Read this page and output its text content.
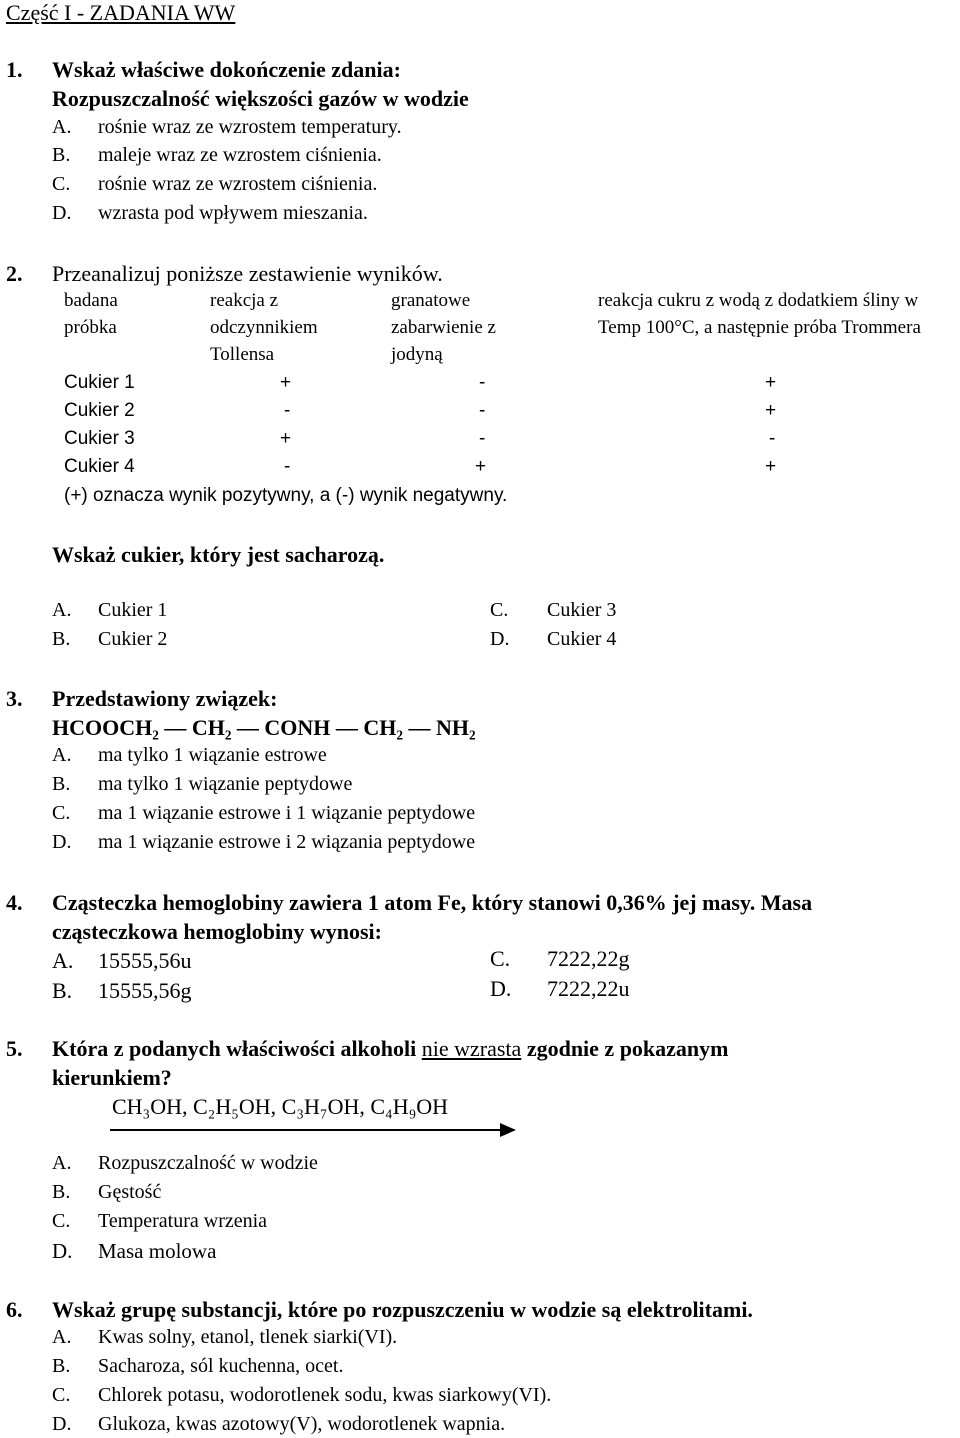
Część I - ZADANIA WW
1. Wskaż właściwe dokończenie zdania:
Rozpuszczalność większości gazów w wodzie
A. rośnie wraz ze wzrostem temperatury.
B. maleje wraz ze wzrostem ciśnienia.
C. rośnie wraz ze wzrostem ciśnienia.
D. wzrasta pod wpływem mieszania.
2. Przeanalizuj poniższe zestawienie wyników.
badana próbka
reakcja z odczynnikiem Tollensa
granatowe zabarwienie z jodyną
reakcja cukru z wodą z dodatkiem śliny w Temp 100°C, a następnie próba Trommera
Cukier 1	+	-	+
Cukier 2	-	-	+
Cukier 3	+	-	-
Cukier 4	-	+	+
(+) oznacza wynik pozytywny, a (-) wynik negatywny.
Wskaż cukier, który jest sacharozą.
A. Cukier 1
B. Cukier 2
C. Cukier 3
D. Cukier 4
3. Przedstawiony związek:
HCOOCH₂ — CH₂ — CONH — CH₂ — NH₂
A. ma tylko 1 wiązanie estrowe
B. ma tylko 1 wiązanie peptydowe
C. ma 1 wiązanie estrowe i 1 wiązanie peptydowe
D. ma 1 wiązanie estrowe i 2 wiązania peptydowe
4. Cząsteczka hemoglobiny zawiera 1 atom Fe, który stanowi 0,36% jej masy. Masa
cząsteczkowa hemoglobiny wynosi:
A. 15555,56u
B. 15555,56g
C. 7222,22g
D. 7222,22u
5. Która z podanych właściwości alkoholi nie wzrasta zgodnie z pokazanym
kierunkiem?
CH₃OH, C₂H₅OH, C₃H₇OH, C₄H₉OH
A. Rozpuszczalność w wodzie
B. Gęstość
C. Temperatura wrzenia
D. Masa molowa
6. Wskaż grupę substancji, które po rozpuszczeniu w wodzie są elektrolitami.
A. Kwas solny, etanol, tlenek siarki(VI).
B. Sacharoza, sól kuchenna, ocet.
C. Chlorek potasu, wodorotlenek sodu, kwas siarkowy(VI).
D. Glukoza, kwas azotowy(V), wodorotlenek wapnia.
